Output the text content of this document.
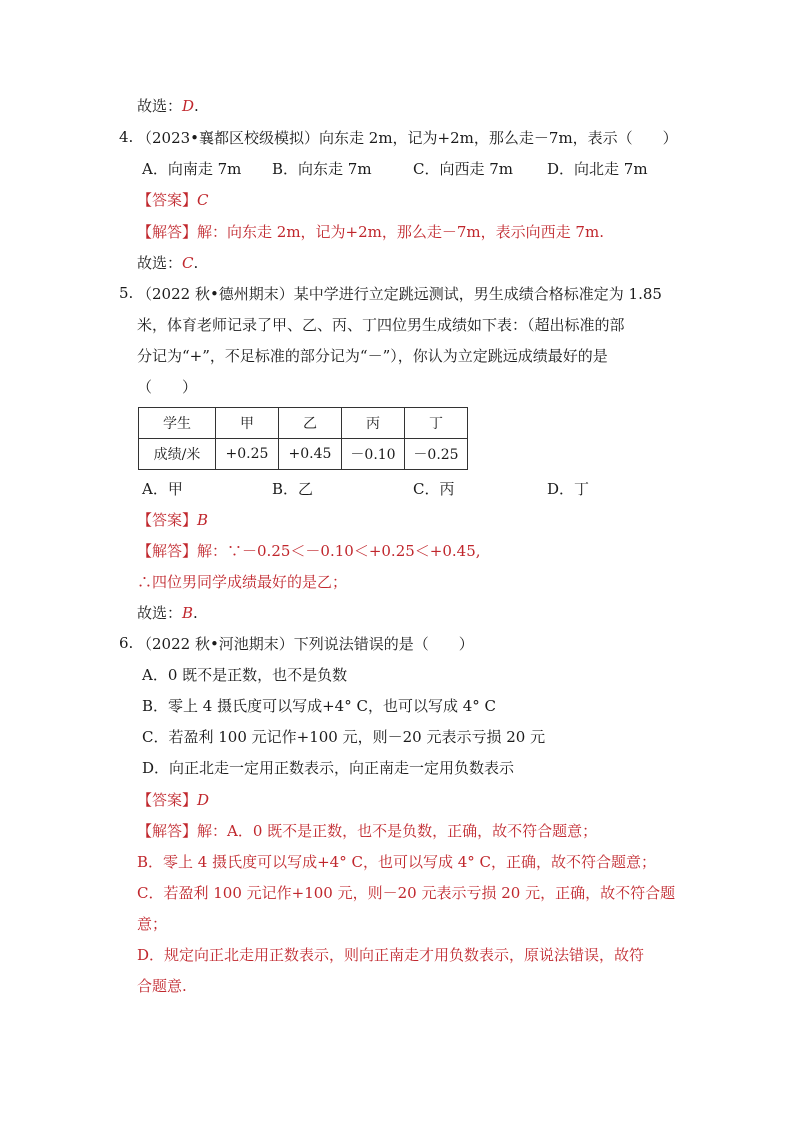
故选：D.
4. （2023•襄都区校级模拟）向东走 2m，记为+2m，那么走－7m，表示（　　）
A．向南走 7m B．向东走 7m	C．向西走 7m D．向北走 7m
【答案】C
【解答】解：向东走 2m，记为+2m，那么走－7m，表示向西走 7m.
故选：C.
5. （2022 秋•德州期末）某中学进行立定跳远测试，男生成绩合格标准定为 1.85
米，体育老师记录了甲、乙、丙、丁四位男生成绩如下表：（超出标准的部
分记为“+”，不足标准的部分记为“－”），你认为立定跳远成绩最好的是
（　　）
学生	甲	乙	丙	丁
成绩/米	+0.25	+0.45	－0.10	－0.25
A．甲	B．乙	C．丙	D．丁
【答案】B
【解答】解：∵－0.25＜－0.10＜+0.25＜+0.45,
∴四位男同学成绩最好的是乙；
故选：B.
6. （2022 秋•河池期末）下列说法错误的是（　　）
A．0 既不是正数，也不是负数
B．零上 4 摄氏度可以写成+4° C，也可以写成 4° C
C．若盈利 100 元记作+100 元，则－20 元表示亏损 20 元
D．向正北走一定用正数表示，向正南走一定用负数表示
【答案】D
【解答】解：A．0 既不是正数，也不是负数，正确，故不符合题意；
B．零上 4 摄氏度可以写成+4° C，也可以写成 4° C，正确，故不符合题意；
C．若盈利 100 元记作+100 元，则－20 元表示亏损 20 元，正确，故不符合题
意；
D．规定向正北走用正数表示，则向正南走才用负数表示，原说法错误，故符
合题意.
